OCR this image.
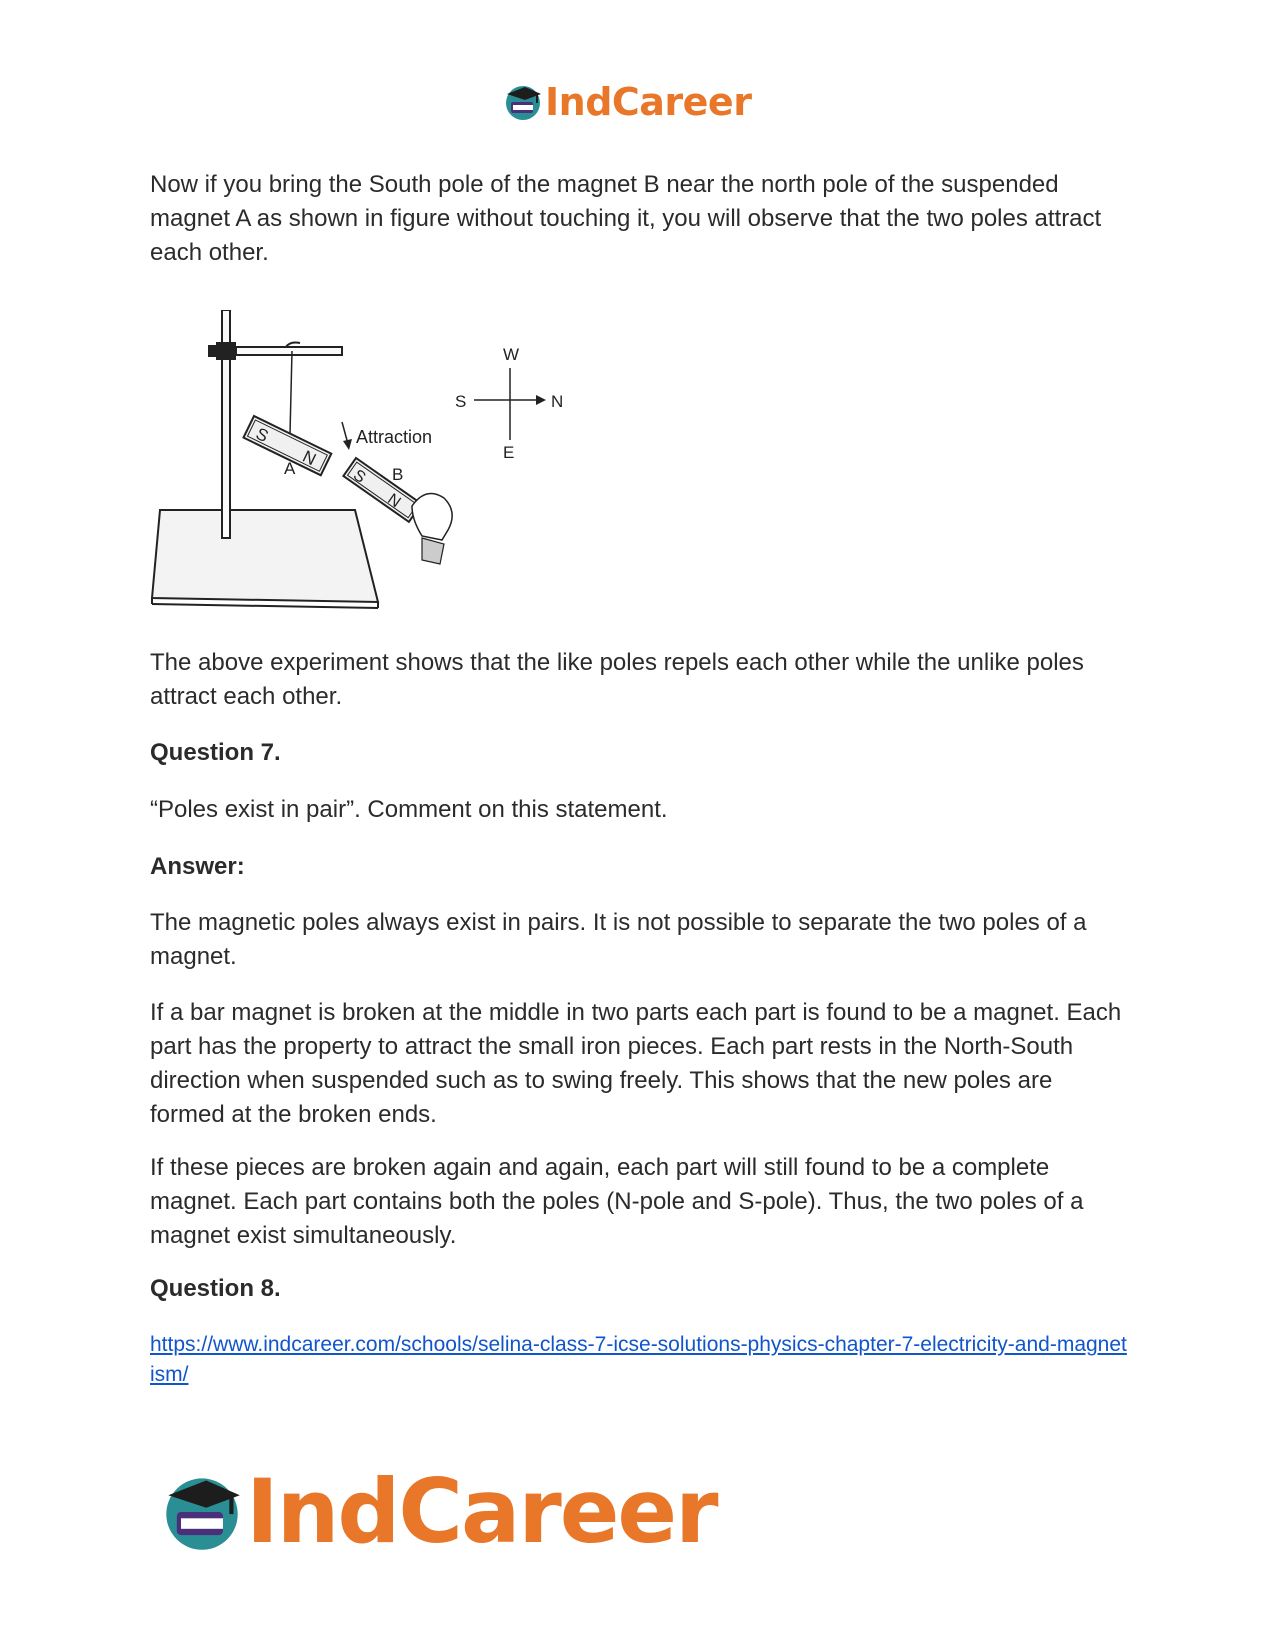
IndCareer

Now if you bring the South pole of the magnet B near the north pole of the suspended magnet A as shown in figure without touching it, you will observe that the two poles attract each other.

S
N
A
Attraction
S
N
B
W
S	N
E

The above experiment shows that the like poles repels each other while the unlike poles attract each other.

Question 7.

“Poles exist in pair”. Comment on this statement.

Answer:

The magnetic poles always exist in pairs. It is not possible to separate the two poles of a magnet.

If a bar magnet is broken at the middle in two parts each part is found to be a magnet. Each part has the property to attract the small iron pieces. Each part rests in the North-South direction when suspended such as to swing freely. This shows that the new poles are formed at the broken ends.

If these pieces are broken again and again, each part will still found to be a complete magnet. Each part contains both the poles (N-pole and S-pole). Thus, the two poles of a magnet exist simultaneously.

Question 8.

https://www.indcareer.com/schools/selina-class-7-icse-solutions-physics-chapter-7-electricity-and-magnetism/
IndCareer
